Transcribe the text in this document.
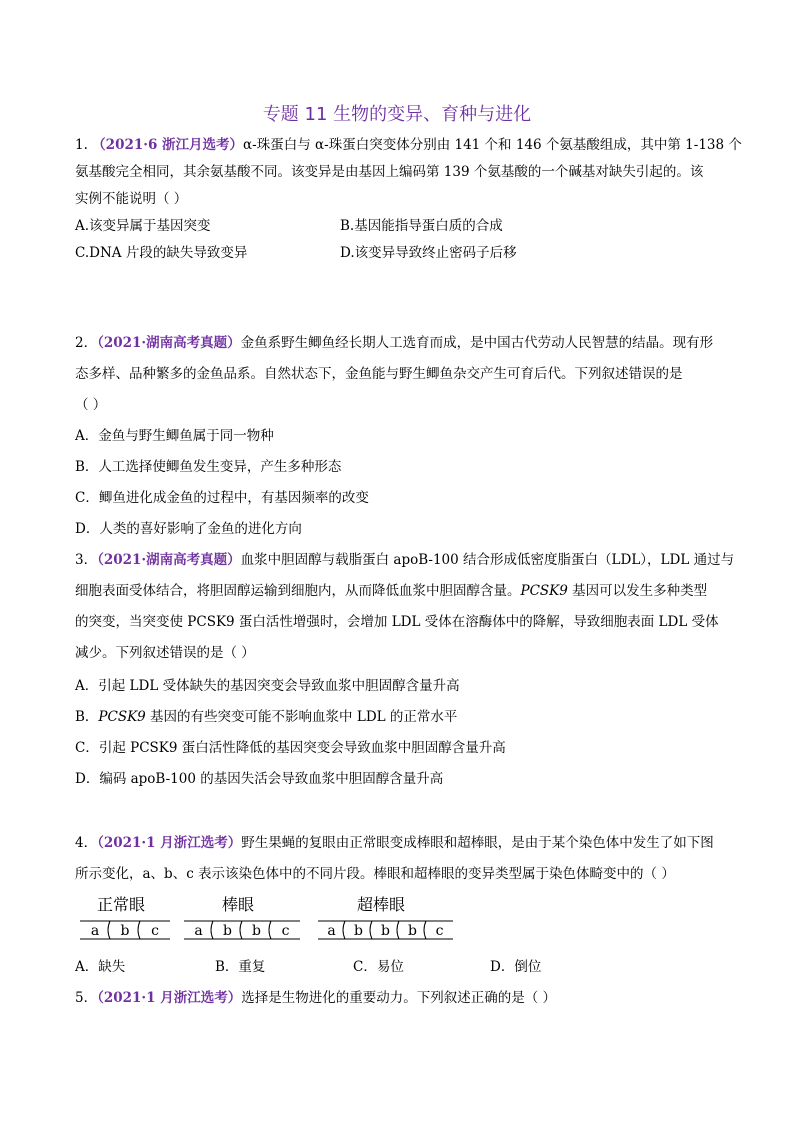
专题 11 生物的变异、育种与进化
1. （2021·6 浙江月选考）α-珠蛋白与 α-珠蛋白突变体分别由 141 个和 146 个氨基酸组成，其中第 1-138 个
氨基酸完全相同，其余氨基酸不同。该变异是由基因上编码第 139 个氨基酸的一个碱基对缺失引起的。该
实例不能说明（ ）
A.该变异属于基因突变	B.基因能指导蛋白质的合成
C.DNA 片段的缺失导致变异	D.该变异导致终止密码子后移
2．（2021·湖南高考真题）金鱼系野生鲫鱼经长期人工选育而成，是中国古代劳动人民智慧的结晶。现有形
态多样、品种繁多的金鱼品系。自然状态下，金鱼能与野生鲫鱼杂交产生可育后代。下列叙述错误的是
（ ）
A．金鱼与野生鲫鱼属于同一物种
B．人工选择使鲫鱼发生变异，产生多种形态
C．鲫鱼进化成金鱼的过程中，有基因频率的改变
D．人类的喜好影响了金鱼的进化方向
3．（2021·湖南高考真题）血浆中胆固醇与载脂蛋白 apoB-100 结合形成低密度脂蛋白（LDL），LDL 通过与
细胞表面受体结合，将胆固醇运输到细胞内，从而降低血浆中胆固醇含量。PCSK9 基因可以发生多种类型
的突变，当突变使 PCSK9 蛋白活性增强时，会增加 LDL 受体在溶酶体中的降解，导致细胞表面 LDL 受体
减少。下列叙述错误的是（ ）
A．引起 LDL 受体缺失的基因突变会导致血浆中胆固醇含量升高
B．PCSK9 基因的有些突变可能不影响血浆中 LDL 的正常水平
C．引起 PCSK9 蛋白活性降低的基因突变会导致血浆中胆固醇含量升高
D．编码 apoB-100 的基因失活会导致血浆中胆固醇含量升高
4．（2021·1 月浙江选考）野生果蝇的复眼由正常眼变成棒眼和超棒眼，是由于某个染色体中发生了如下图
所示变化，a、b、c 表示该染色体中的不同片段。棒眼和超棒眼的变异类型属于染色体畸变中的（ ）
正常眼	棒眼	超棒眼
a b c	a b b c	a b b b c
A．缺失	B．重复	C．易位	D．倒位
5．（2021·1 月浙江选考）选择是生物进化的重要动力。下列叙述正确的是（ ）
